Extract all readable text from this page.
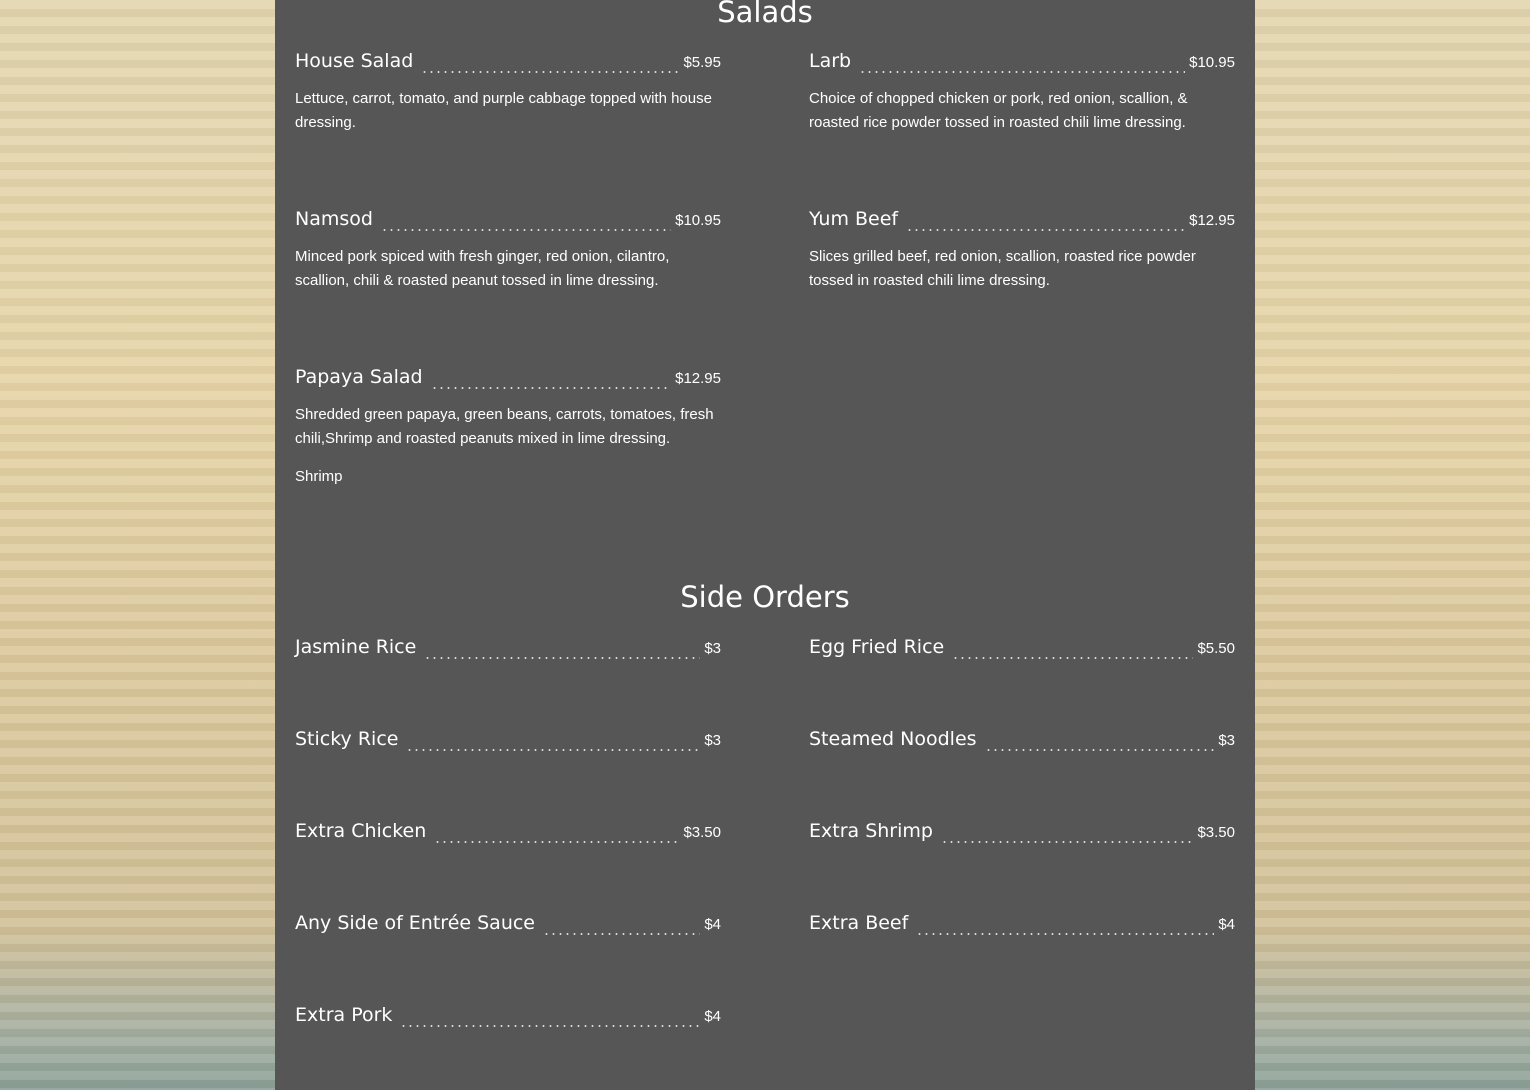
Salads
House Salad	$5.95
Lettuce, carrot, tomato, and purple cabbage topped with house dressing.
Larb	$10.95
Choice of chopped chicken or pork, red onion, scallion, & roasted rice powder tossed in roasted chili lime dressing.
Namsod	$10.95
Minced pork spiced with fresh ginger, red onion, cilantro, scallion, chili & roasted peanut tossed in lime dressing.
Yum Beef	$12.95
Slices grilled beef, red onion, scallion, roasted rice powder tossed in roasted chili lime dressing.
Papaya Salad	$12.95
Shredded green papaya, green beans, carrots, tomatoes, fresh chili,Shrimp and roasted peanuts mixed in lime dressing.
Shrimp
Side Orders
Jasmine Rice	$3	Egg Fried Rice	$5.50
Sticky Rice	$3	Steamed Noodles	$3
Extra Chicken	$3.50	Extra Shrimp	$3.50
Any Side of Entrée Sauce	$4	Extra Beef	$4
Extra Pork	$4
